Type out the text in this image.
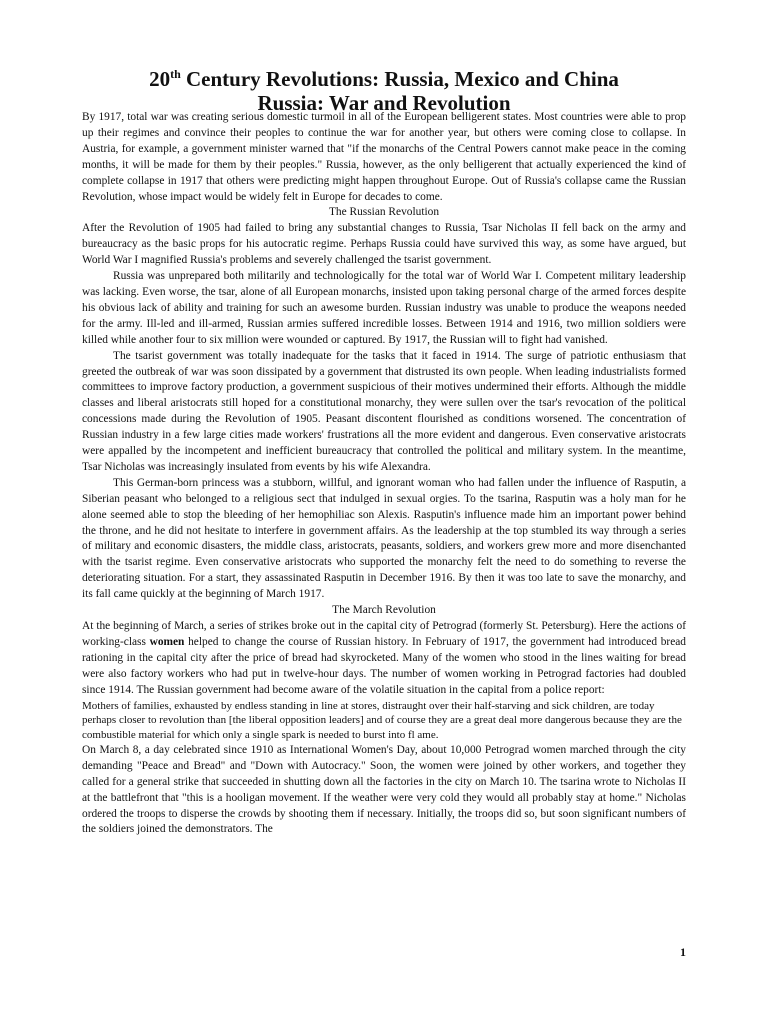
20th Century Revolutions: Russia, Mexico and China
Russia: War and Revolution

By 1917, total war was creating serious domestic turmoil in all of the European belligerent states. Most countries were able to prop up their regimes and convince their peoples to continue the war for another year, but others were coming close to collapse. In Austria, for example, a government minister warned that "if the monarchs of the Central Powers cannot make peace in the coming months, it will be made for them by their peoples." Russia, however, as the only belligerent that actually experienced the kind of complete collapse in 1917 that others were predicting might happen throughout Europe. Out of Russia's collapse came the Russian Revolution, whose impact would be widely felt in Europe for decades to come.

The Russian Revolution

After the Revolution of 1905 had failed to bring any substantial changes to Russia, Tsar Nicholas II fell back on the army and bureaucracy as the basic props for his autocratic regime. Perhaps Russia could have survived this way, as some have argued, but World War I magnified Russia's problems and severely challenged the tsarist government.

Russia was unprepared both militarily and technologically for the total war of World War I. Competent military leadership was lacking. Even worse, the tsar, alone of all European monarchs, insisted upon taking personal charge of the armed forces despite his obvious lack of ability and training for such an awesome burden. Russian industry was unable to produce the weapons needed for the army. Ill-led and ill-armed, Russian armies suffered incredible losses. Between 1914 and 1916, two million soldiers were killed while another four to six million were wounded or captured. By 1917, the Russian will to fight had vanished.

The tsarist government was totally inadequate for the tasks that it faced in 1914. The surge of patriotic enthusiasm that greeted the outbreak of war was soon dissipated by a government that distrusted its own people. When leading industrialists formed committees to improve factory production, a government suspicious of their motives undermined their efforts. Although the middle classes and liberal aristocrats still hoped for a constitutional monarchy, they were sullen over the tsar's revocation of the political concessions made during the Revolution of 1905. Peasant discontent flourished as conditions worsened. The concentration of Russian industry in a few large cities made workers' frustrations all the more evident and dangerous. Even conservative aristocrats were appalled by the incompetent and inefficient bureaucracy that controlled the political and military system. In the meantime, Tsar Nicholas was increasingly insulated from events by his wife Alexandra.

This German-born princess was a stubborn, willful, and ignorant woman who had fallen under the influence of Rasputin, a Siberian peasant who belonged to a religious sect that indulged in sexual orgies. To the tsarina, Rasputin was a holy man for he alone seemed able to stop the bleeding of her hemophiliac son Alexis. Rasputin's influence made him an important power behind the throne, and he did not hesitate to interfere in government affairs. As the leadership at the top stumbled its way through a series of military and economic disasters, the middle class, aristocrats, peasants, soldiers, and workers grew more and more disenchanted with the tsarist regime. Even conservative aristocrats who supported the monarchy felt the need to do something to reverse the deteriorating situation. For a start, they assassinated Rasputin in December 1916. By then it was too late to save the monarchy, and its fall came quickly at the beginning of March 1917.

The March Revolution

At the beginning of March, a series of strikes broke out in the capital city of Petrograd (formerly St. Petersburg). Here the actions of working-class women helped to change the course of Russian history. In February of 1917, the government had introduced bread rationing in the capital city after the price of bread had skyrocketed. Many of the women who stood in the lines waiting for bread were also factory workers who had put in twelve-hour days. The number of women working in Petrograd factories had doubled since 1914. The Russian government had become aware of the volatile situation in the capital from a police report:

Mothers of families, exhausted by endless standing in line at stores, distraught over their half-starving and sick children, are today perhaps closer to revolution than [the liberal opposition leaders] and of course they are a great deal more dangerous because they are the combustible material for which only a single spark is needed to burst into fl ame.

On March 8, a day celebrated since 1910 as International Women's Day, about 10,000 Petrograd women marched through the city demanding "Peace and Bread" and "Down with Autocracy." Soon, the women were joined by other workers, and together they called for a general strike that succeeded in shutting down all the factories in the city on March 10. The tsarina wrote to Nicholas II at the battlefront that "this is a hooligan movement. If the weather were very cold they would all probably stay at home." Nicholas ordered the troops to disperse the crowds by shooting them if necessary. Initially, the troops did so, but soon significant numbers of the soldiers joined the demonstrators. The

1
